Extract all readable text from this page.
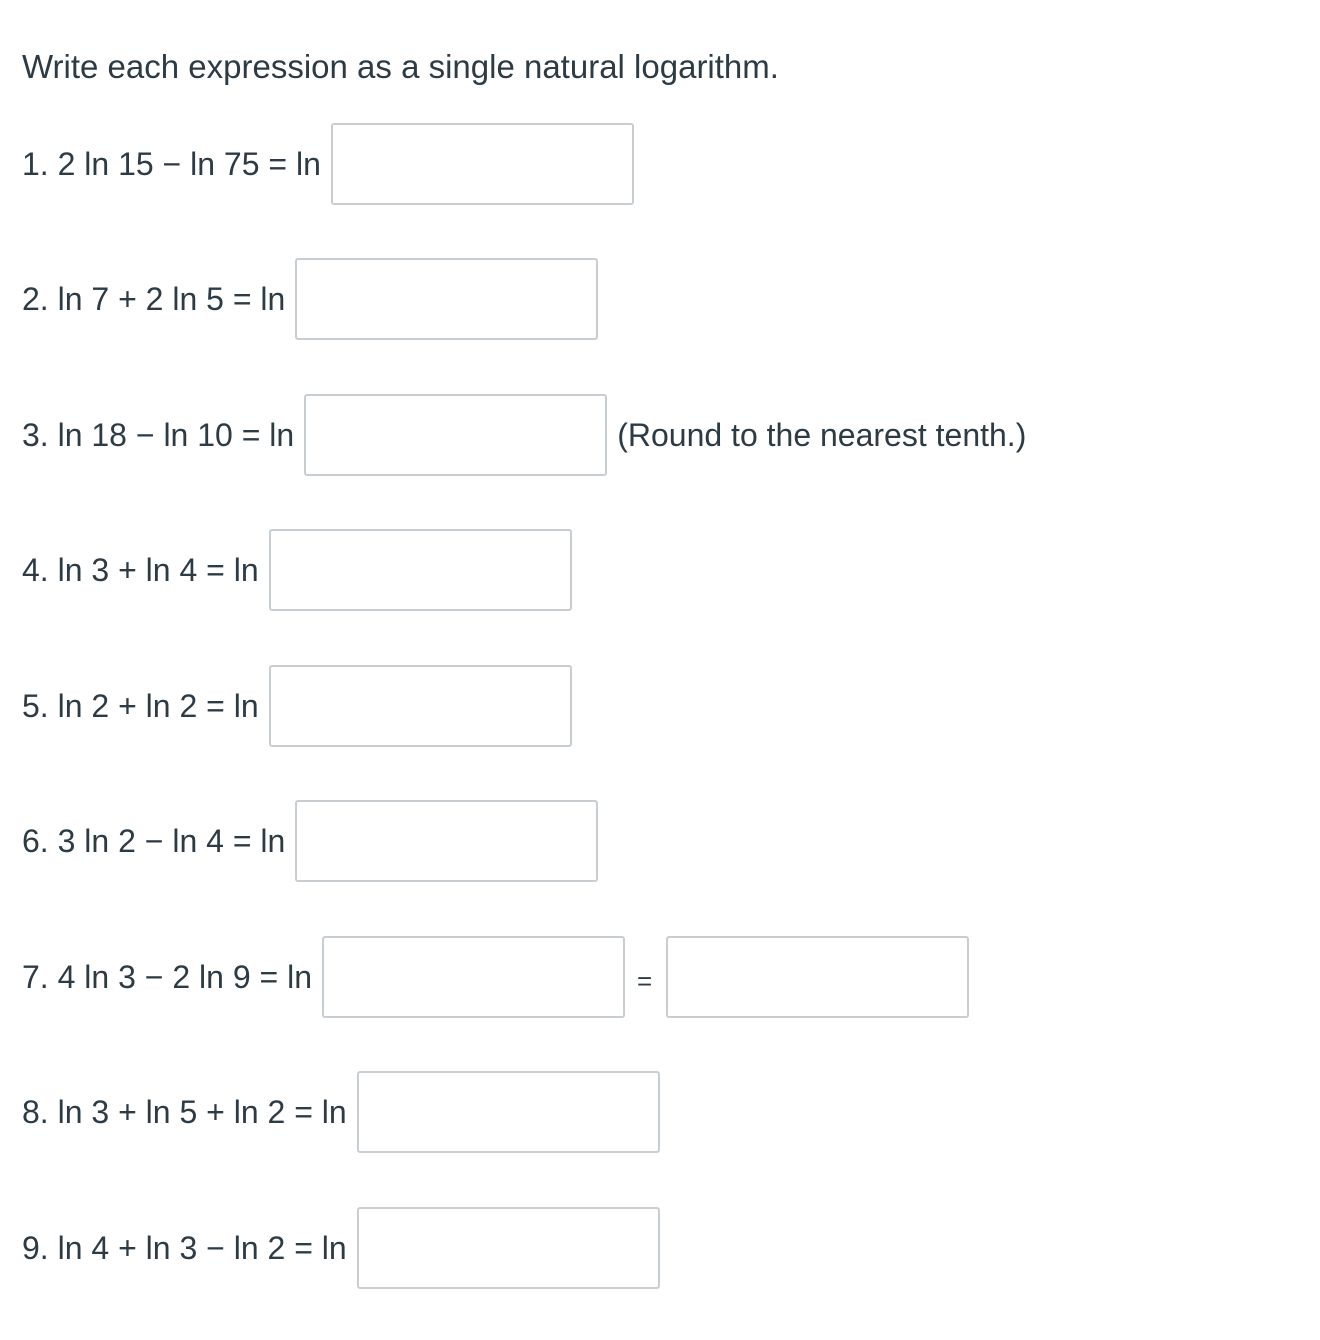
Write each expression as a single natural logarithm.
1. 2 ln 15 − ln 75 = ln
2. ln 7 + 2 ln 5 = ln
3. ln 18 − ln 10 = ln	(Round to the nearest tenth.)
4. ln 3 + ln 4 = ln
5. ln 2 + ln 2 = ln
6. 3 ln 2 − ln 4 = ln
7. 4 ln 3 − 2 ln 9 = ln	=
8. ln 3 + ln 5 + ln 2 = ln
9. ln 4 + ln 3 − ln 2 = ln
